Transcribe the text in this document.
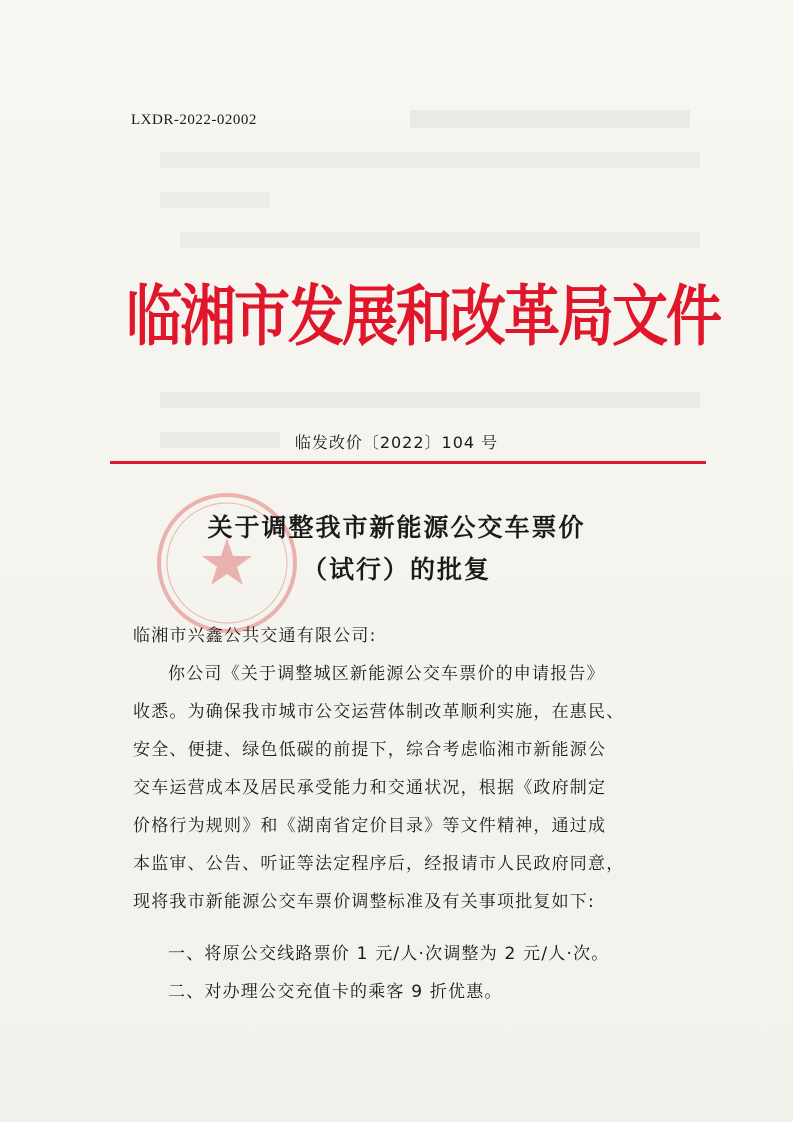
LXDR-2022-02002
临湘市发展和改革局文件
临发改价〔2022〕104 号
关于调整我市新能源公交车票价
（试行）的批复
临湘市兴鑫公共交通有限公司:
你公司《关于调整城区新能源公交车票价的申请报告》
收悉。为确保我市城市公交运营体制改革顺利实施，在惠民、
安全、便捷、绿色低碳的前提下，综合考虑临湘市新能源公
交车运营成本及居民承受能力和交通状况，根据《政府制定
价格行为规则》和《湖南省定价目录》等文件精神，通过成
本监审、公告、听证等法定程序后，经报请市人民政府同意，
现将我市新能源公交车票价调整标准及有关事项批复如下:
一、将原公交线路票价 1 元/人·次调整为 2 元/人·次。
二、对办理公交充值卡的乘客 9 折优惠。
